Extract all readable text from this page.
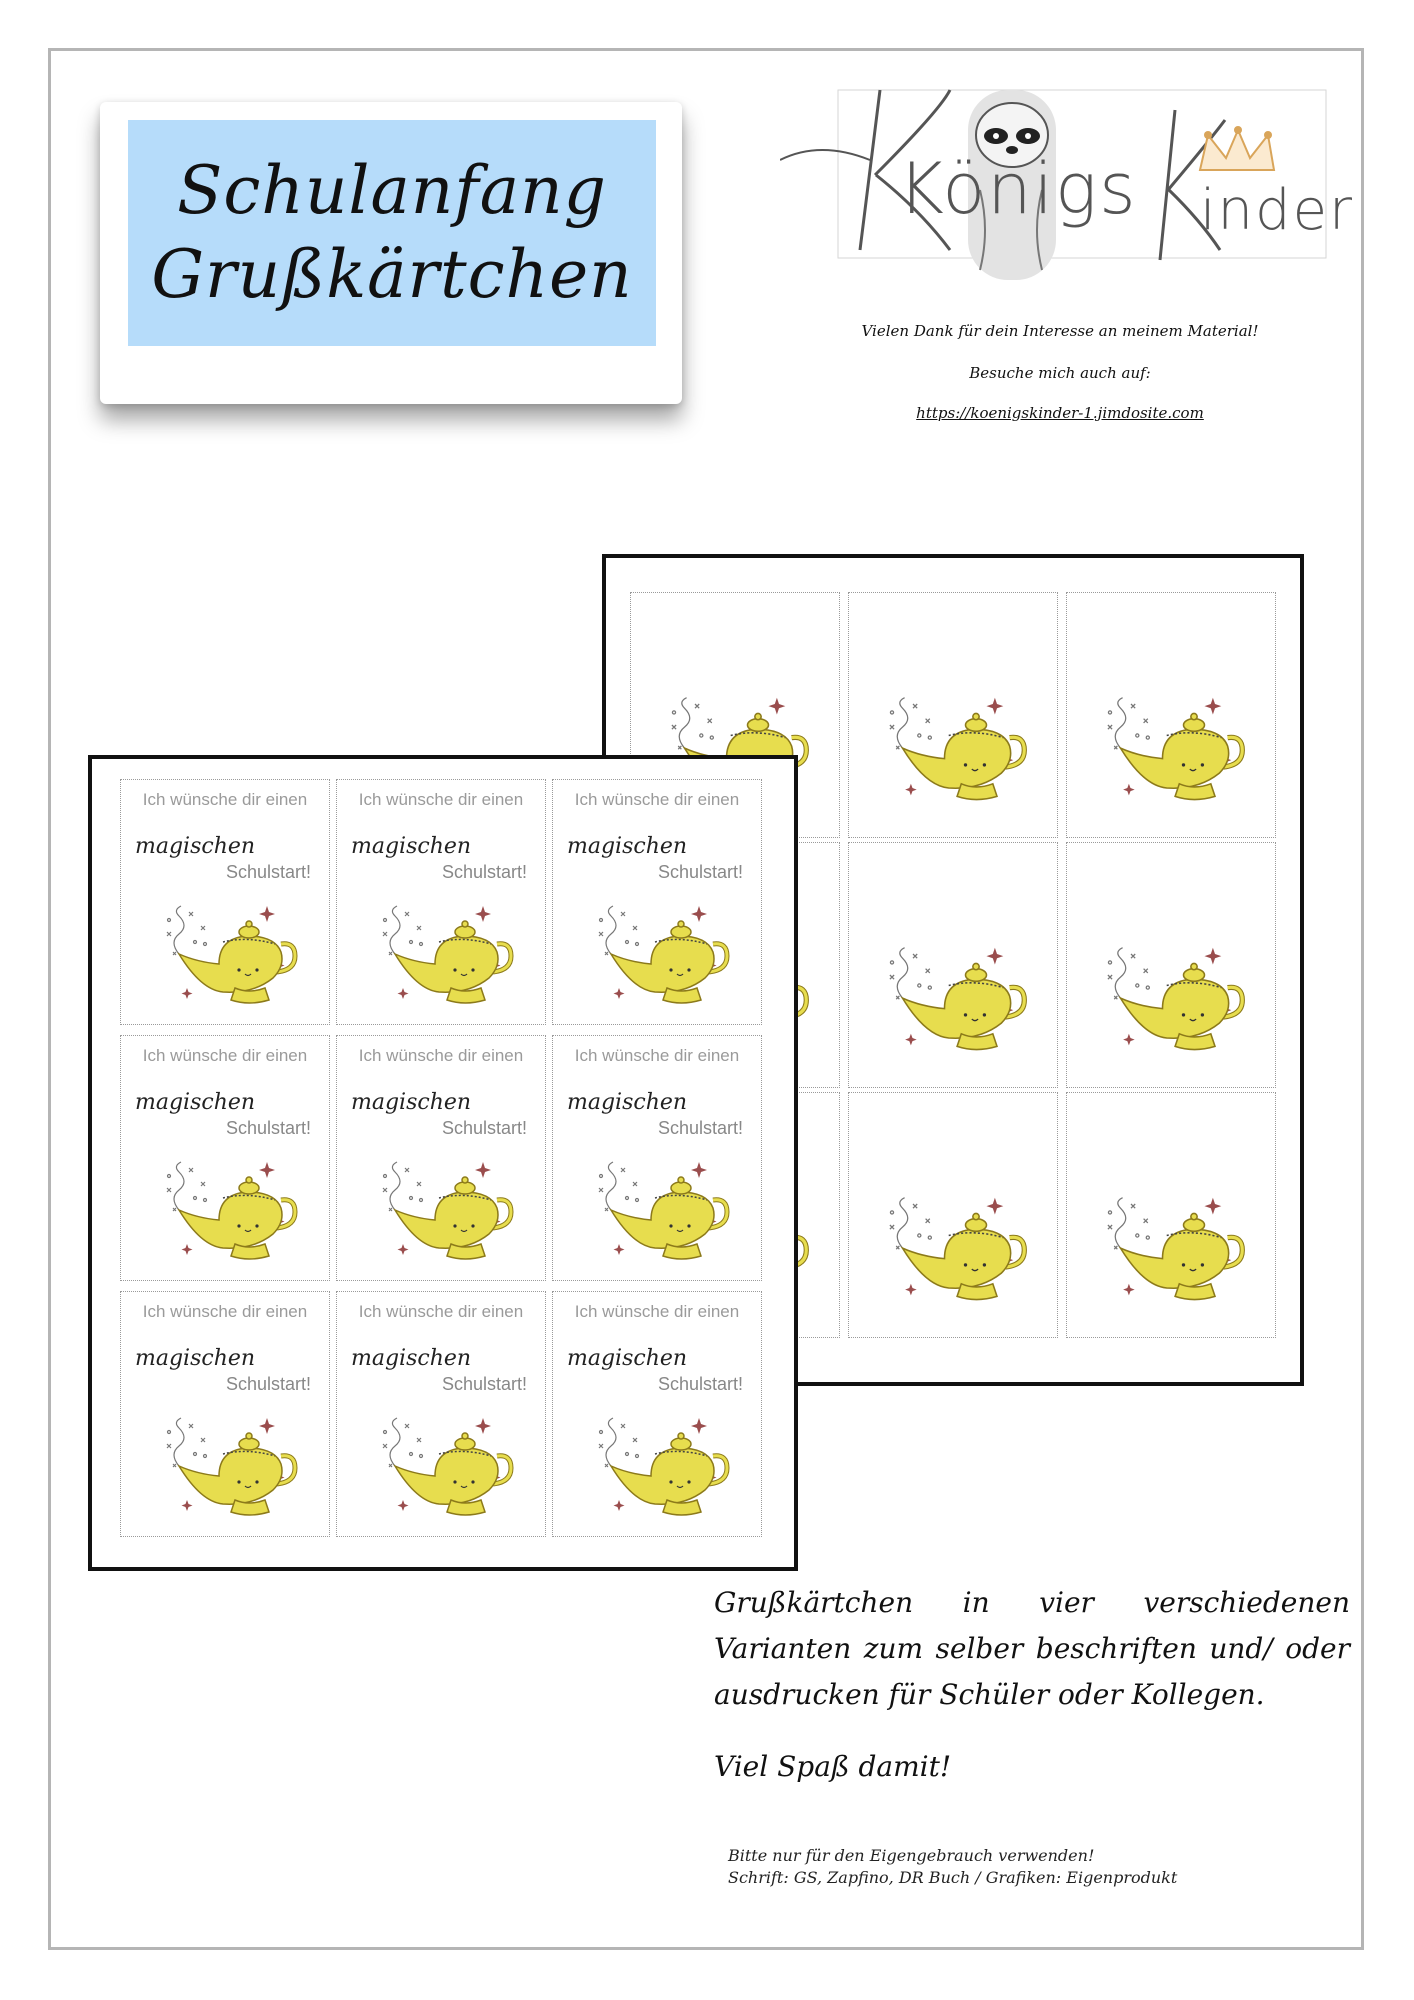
Schulanfang
Grußkärtchen
Königs inder
Vielen Dank für dein Interesse an meinem Material!
Besuche mich auch auf:
https://koenigskinder-1.jimdosite.com
Ich wünsche dir einen
magischen
Schulstart!
Ich wünsche dir einen
magischen
Schulstart!
Ich wünsche dir einen
magischen
Schulstart!
Ich wünsche dir einen
magischen
Schulstart!
Ich wünsche dir einen
magischen
Schulstart!
Ich wünsche dir einen
magischen
Schulstart!
Ich wünsche dir einen
magischen
Schulstart!
Ich wünsche dir einen
magischen
Schulstart!
Ich wünsche dir einen
magischen
Schulstart!
Grußkärtchen in vier verschiedenen Varianten zum selber beschriften und/ oder ausdrucken für Schüler oder Kollegen.
Viel Spaß damit!
Bitte nur für den Eigengebrauch verwenden!
Schrift: GS, Zapfino, DR Buch / Grafiken: Eigenprodukt
